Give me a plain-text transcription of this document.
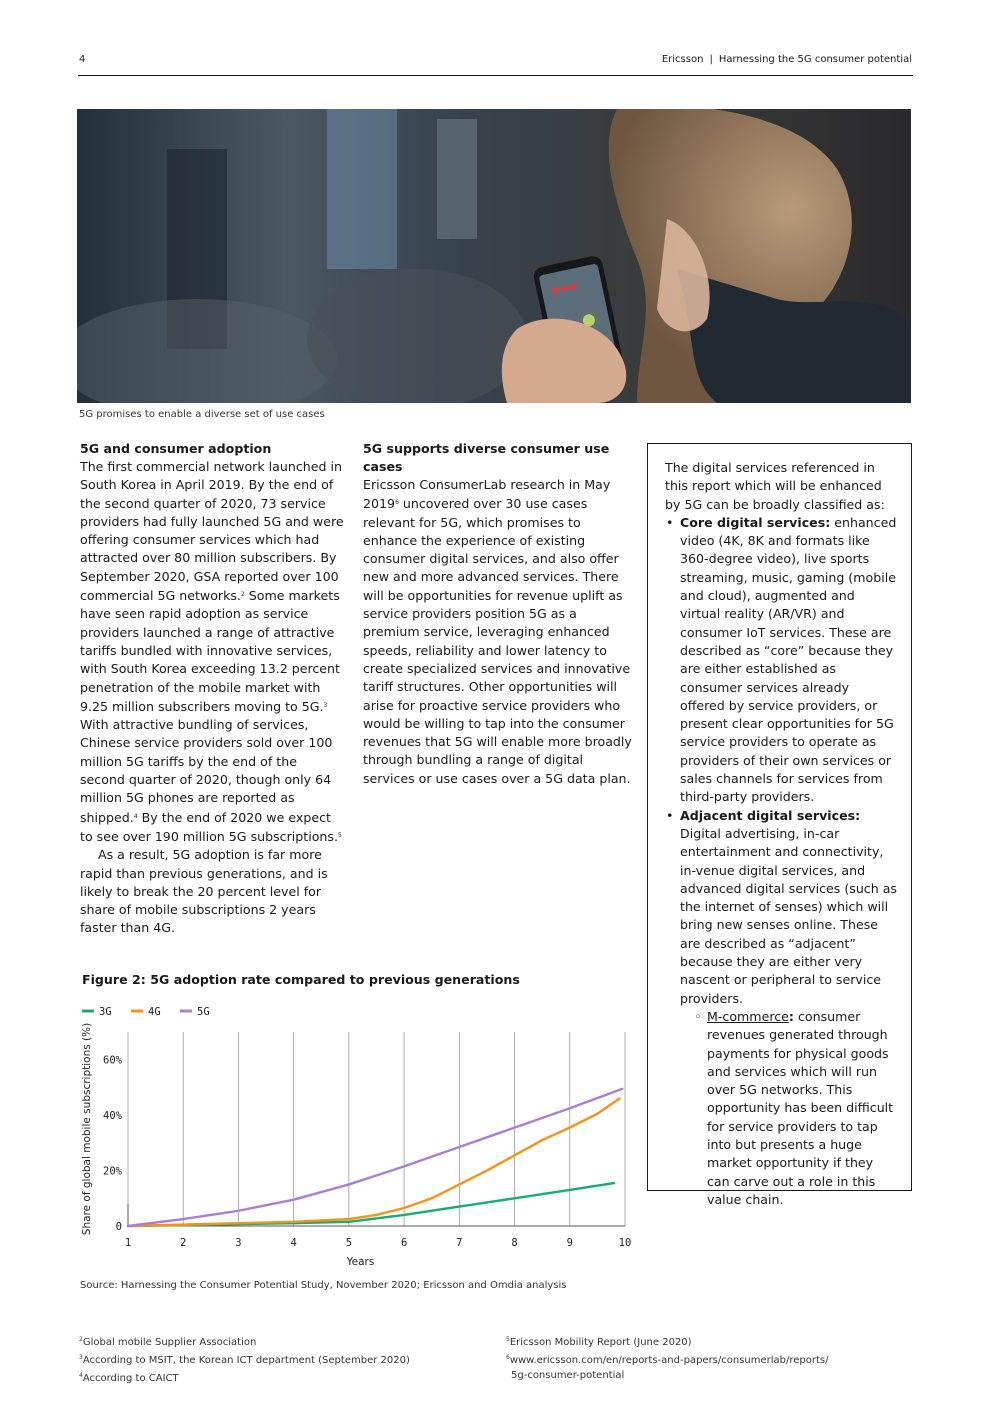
4	Ericsson | Harnessing the 5G consumer potential
5G promises to enable a diverse set of use cases
5G and consumer adoption

The first commercial network launched in South Korea in April 2019. By the end of the second quarter of 2020, 73 service providers had fully launched 5G and were offering consumer services which had attracted over 80 million subscribers. By September 2020, GSA reported over 100 commercial 5G networks.$^2$ Some markets have seen rapid adoption as service providers launched a range of attractive tariffs bundled with innovative services, with South Korea exceeding 13.2 percent penetration of the mobile market with 9.25 million subscribers moving to 5G.$^3$ With attractive bundling of services, Chinese service providers sold over 100 million 5G tariffs by the end of the second quarter of 2020, though only 64 million 5G phones are reported as shipped.$^4$ By the end of 2020 we expect to see over 190 million 5G subscriptions.$^5$

As a result, 5G adoption is far more rapid than previous generations, and is likely to break the 20 percent level for share of mobile subscriptions 2 years faster than 4G.

5G supports diverse consumer use cases

Ericsson ConsumerLab research in May 2019$^6$ uncovered over 30 use cases relevant for 5G, which promises to enhance the experience of existing consumer digital services, and also offer new and more advanced services. There will be opportunities for revenue uplift as service providers position 5G as a premium service, leveraging enhanced speeds, reliability and lower latency to create specialized services and innovative tariff structures. Other opportunities will arise for proactive service providers who would be willing to tap into the consumer revenues that 5G will enable more broadly through bundling a range of digital services or use cases over a 5G data plan.

The digital services referenced in this report which will be enhanced by 5G can be broadly classified as:

• Core digital services: enhanced video (4K, 8K and formats like 360-degree video), live sports streaming, music, gaming (mobile and cloud), augmented and virtual reality (AR/VR) and consumer IoT services. These are described as “core” because they are either established as consumer services already offered by service providers, or present clear opportunities for 5G service providers to operate as providers of their own services or sales channels for services from third-party providers.
• Adjacent digital services: Digital advertising, in-car entertainment and connectivity, in-venue digital services, and advanced digital services (such as the internet of senses) which will bring new senses online. These are described as “adjacent” because they are either very nascent or peripheral to service providers.
◦ M-commerce: consumer revenues generated through payments for physical goods and services which will run over 5G networks. This opportunity has been difficult for service providers to tap into but presents a huge market opportunity if they can carve out a role in this value chain.
Figure 2: 5G adoption rate compared to previous generations
0
20%
40%
60%
1	2	3	4	5	6	7	8	9	10
Years
Share of global mobile subscriptions (%)
3G	4G	5G
Source: Harnessing the Consumer Potential Study, November 2020; Ericsson and Omdia analysis
$^2$Global mobile Supplier Association
$^3$According to MSIT, the Korean ICT department (September 2020)
$^4$According to CAICT
$^5$Ericsson Mobility Report (June 2020)
$^6$www.ericsson.com/en/reports-and-papers/consumerlab/reports/
5g-consumer-potential
